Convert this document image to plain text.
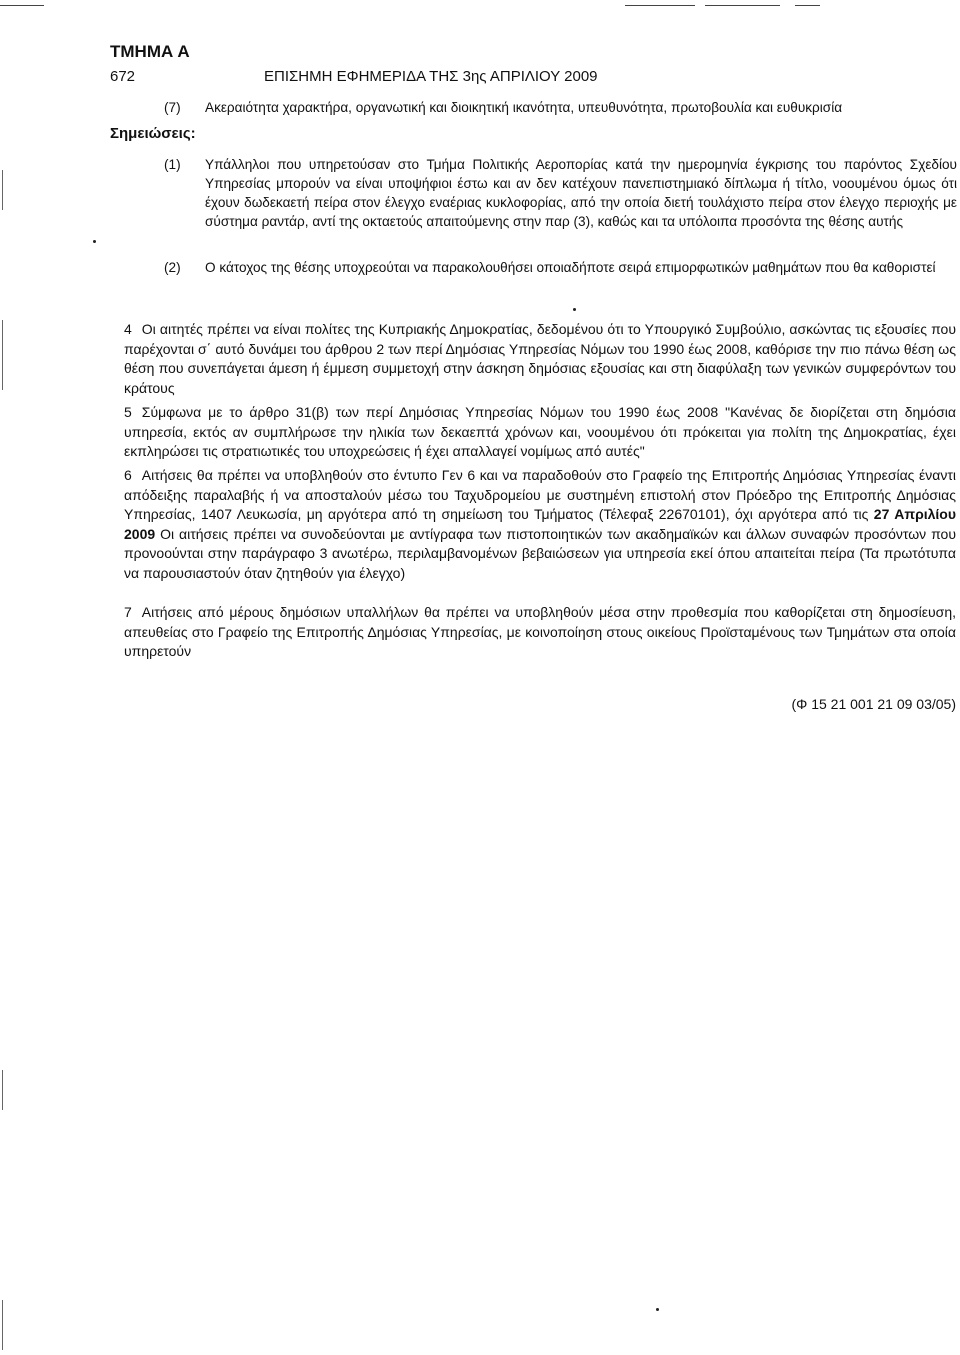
ΤΜΗΜΑ Α
672	ΕΠΙΣΗΜΗ ΕΦΗΜΕΡΙΔΑ ΤΗΣ 3ης ΑΠΡΙΛΙΟΥ 2009
(7) Ακεραιότητα χαρακτήρα, οργανωτική και διοικητική ικανότητα, υπευθυνότητα, πρωτοβουλία και ευθυκρισία
Σημειώσεις:
(1) Υπάλληλοι που υπηρετούσαν στο Τμήμα Πολιτικής Αεροπορίας κατά την ημερομηνία έγκρισης του παρόντος Σχεδίου Υπηρεσίας μπορούν να είναι υποψήφιοι έστω και αν δεν κατέχουν πανεπιστημιακό δίπλωμα ή τίτλο, νοουμένου όμως ότι έχουν δωδεκαετή πείρα στον έλεγχο εναέριας κυκλοφορίας, από την οποία διετή τουλάχιστο πείρα στον έλεγχο περιοχής με σύστημα ραντάρ, αντί της οκταετούς απαιτούμενης στην παρ (3), καθώς και τα υπόλοιπα προσόντα της θέσης αυτής
(2) Ο κάτοχος της θέσης υποχρεούται να παρακολουθήσει οποιαδήποτε σειρά επιμορφωτικών μαθημάτων που θα καθοριστεί
4 Οι αιτητές πρέπει να είναι πολίτες της Κυπριακής Δημοκρατίας, δεδομένου ότι το Υπουργικό Συμβούλιο, ασκώντας τις εξουσίες που παρέχονται σ΄ αυτό δυνάμει του άρθρου 2 των περί Δημόσιας Υπηρεσίας Νόμων του 1990 έως 2008, καθόρισε την πιο πάνω θέση ως θέση που συνεπάγεται άμεση ή έμμεση συμμετοχή στην άσκηση δημόσιας εξουσίας και στη διαφύλαξη των γενικών συμφερόντων του κράτους
5 Σύμφωνα με το άρθρο 31(β) των περί Δημόσιας Υπηρεσίας Νόμων του 1990 έως 2008 "Κανένας δε διορίζεται στη δημόσια υπηρεσία, εκτός αν συμπλήρωσε την ηλικία των δεκαεπτά χρόνων και, νοουμένου ότι πρόκειται για πολίτη της Δημοκρατίας, έχει εκπληρώσει τις στρατιωτικές του υποχρεώσεις ή έχει απαλλαγεί νομίμως από αυτές"
6 Αιτήσεις θα πρέπει να υποβληθούν στο έντυπο Γεν 6 και να παραδοθούν στο Γραφείο της Επιτροπής Δημόσιας Υπηρεσίας έναντι απόδειξης παραλαβής ή να αποσταλούν μέσω του Ταχυδρομείου με συστημένη επιστολή στον Πρόεδρο της Επιτροπής Δημόσιας Υπηρεσίας, 1407 Λευκωσία, μη αργότερα από τη σημείωση του Τμήματος (Τέλεφαξ 22670101), όχι αργότερα από τις 27 Απριλίου 2009 Οι αιτήσεις πρέπει να συνοδεύονται με αντίγραφα των πιστοποιητικών των ακαδημαϊκών και άλλων συναφών προσόντων που προνοούνται στην παράγραφο 3 ανωτέρω, περιλαμβανομένων βεβαιώσεων για υπηρεσία εκεί όπου απαιτείται πείρα (Τα πρωτότυπα να παρουσιαστούν όταν ζητηθούν για έλεγχο)
7 Αιτήσεις από μέρους δημόσιων υπαλλήλων θα πρέπει να υποβληθούν μέσα στην προθεσμία που καθορίζεται στη δημοσίευση, απευθείας στο Γραφείο της Επιτροπής Δημόσιας Υπηρεσίας, με κοινοποίηση στους οικείους Προϊσταμένους των Τμημάτων στα οποία υπηρετούν
(Φ 15 21 001 21 09 03/05)
